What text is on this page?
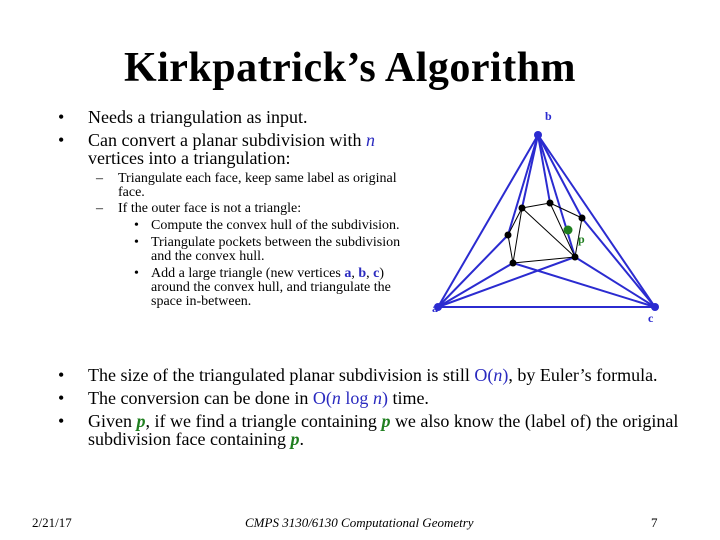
Kirkpatrick’s Algorithm
• Needs a triangulation as input.
• Can convert a planar subdivision with n vertices into a triangulation:
– Triangulate each face, keep same label as original face.
– If the outer face is not a triangle:
• Compute the convex hull of the subdivision.
• Triangulate pockets between the subdivision and the convex hull.
• Add a large triangle (new vertices a, b, c) around the convex hull, and triangulate the space in-between.
b
a
c
p
• The size of the triangulated planar subdivision is still O(n), by Euler’s formula.
• The conversion can be done in O(n log n) time.
• Given p, if we find a triangle containing p we also know the (label of) the original subdivision face containing p.
2/21/17	CMPS 3130/6130 Computational Geometry	7
